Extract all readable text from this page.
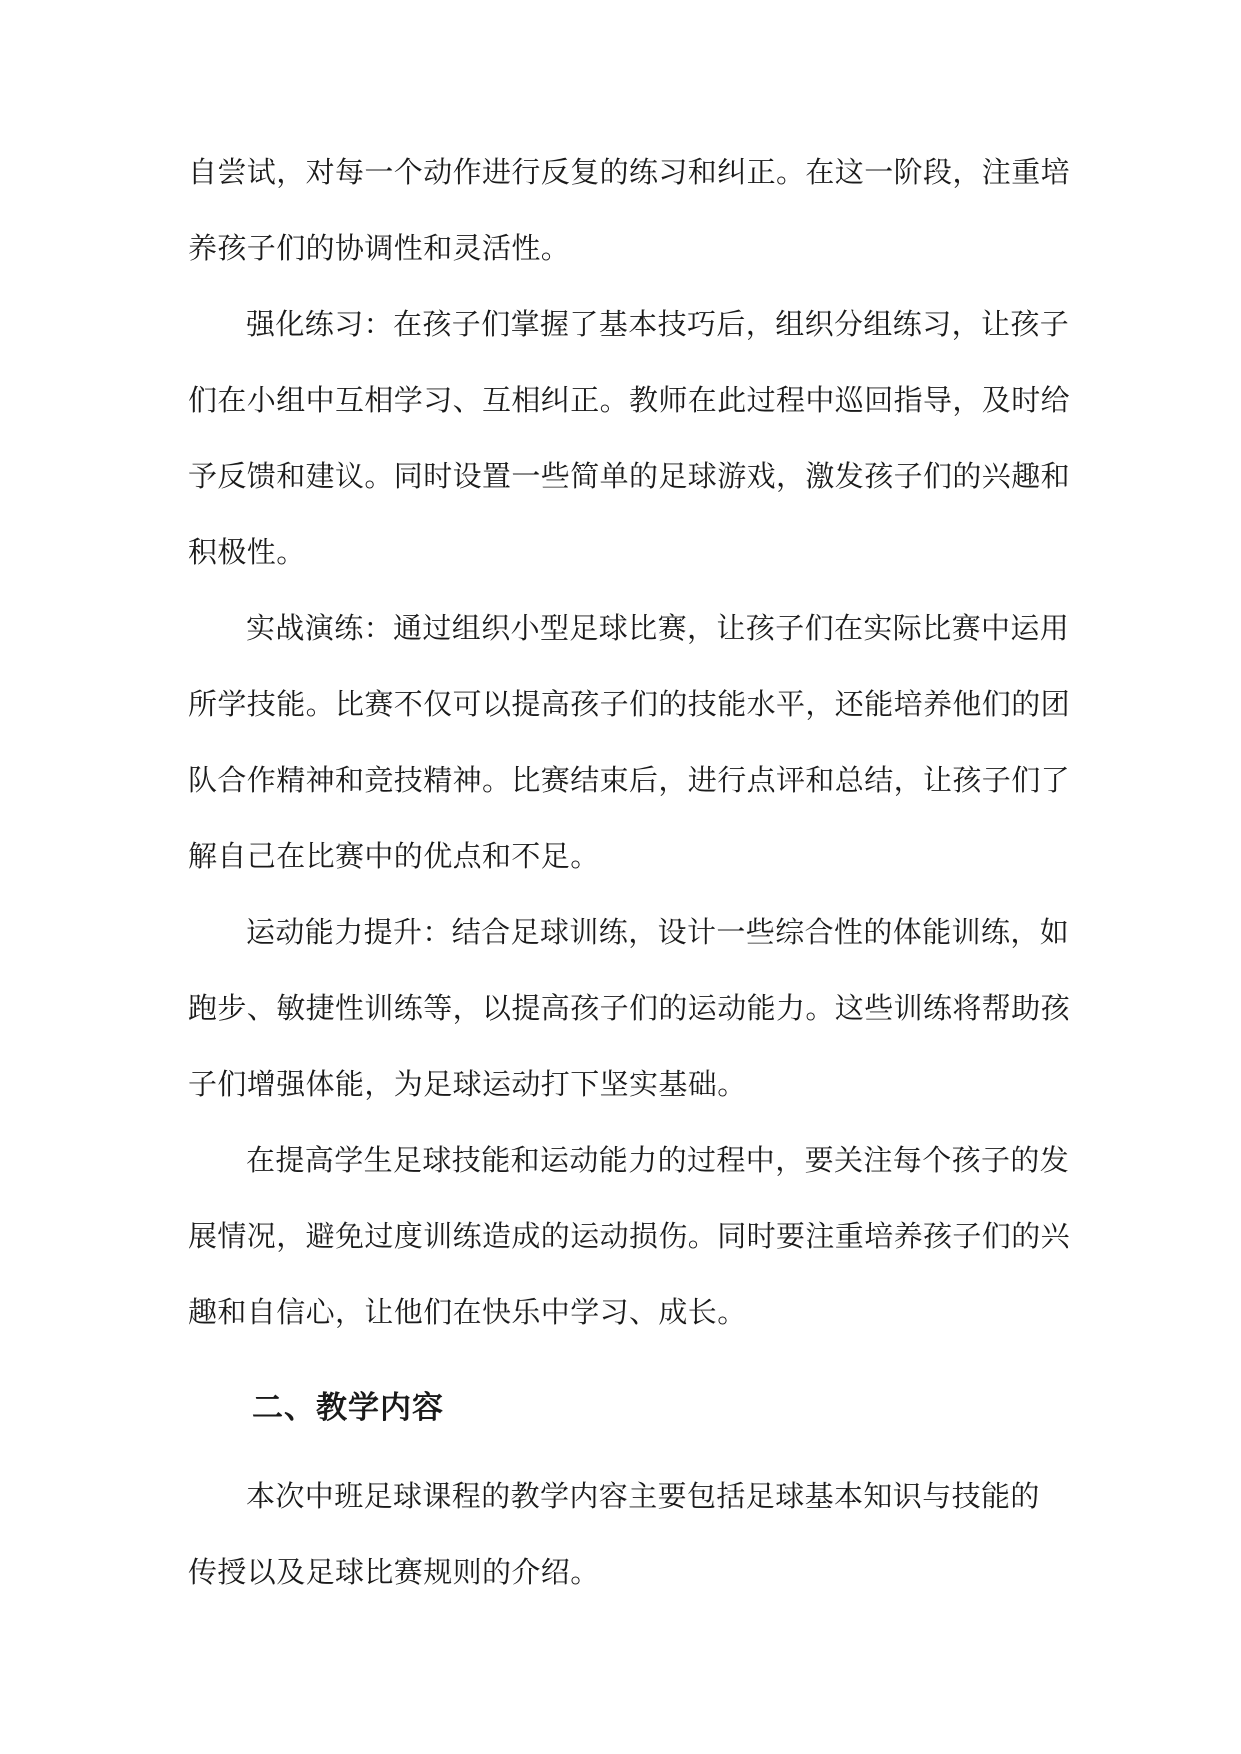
自尝试，对每一个动作进行反复的练习和纠正。在这一阶段，注重培
养孩子们的协调性和灵活性。
强化练习：在孩子们掌握了基本技巧后，组织分组练习，让孩子
们在小组中互相学习、互相纠正。教师在此过程中巡回指导，及时给
予反馈和建议。同时设置一些简单的足球游戏，激发孩子们的兴趣和
积极性。
实战演练：通过组织小型足球比赛，让孩子们在实际比赛中运用
所学技能。比赛不仅可以提高孩子们的技能水平，还能培养他们的团
队合作精神和竞技精神。比赛结束后，进行点评和总结，让孩子们了
解自己在比赛中的优点和不足。
运动能力提升：结合足球训练，设计一些综合性的体能训练，如
跑步、敏捷性训练等，以提高孩子们的运动能力。这些训练将帮助孩
子们增强体能，为足球运动打下坚实基础。
在提高学生足球技能和运动能力的过程中，要关注每个孩子的发
展情况，避免过度训练造成的运动损伤。同时要注重培养孩子们的兴
趣和自信心，让他们在快乐中学习、成长。
二、教学内容
本次中班足球课程的教学内容主要包括足球基本知识与技能的
传授以及足球比赛规则的介绍。
